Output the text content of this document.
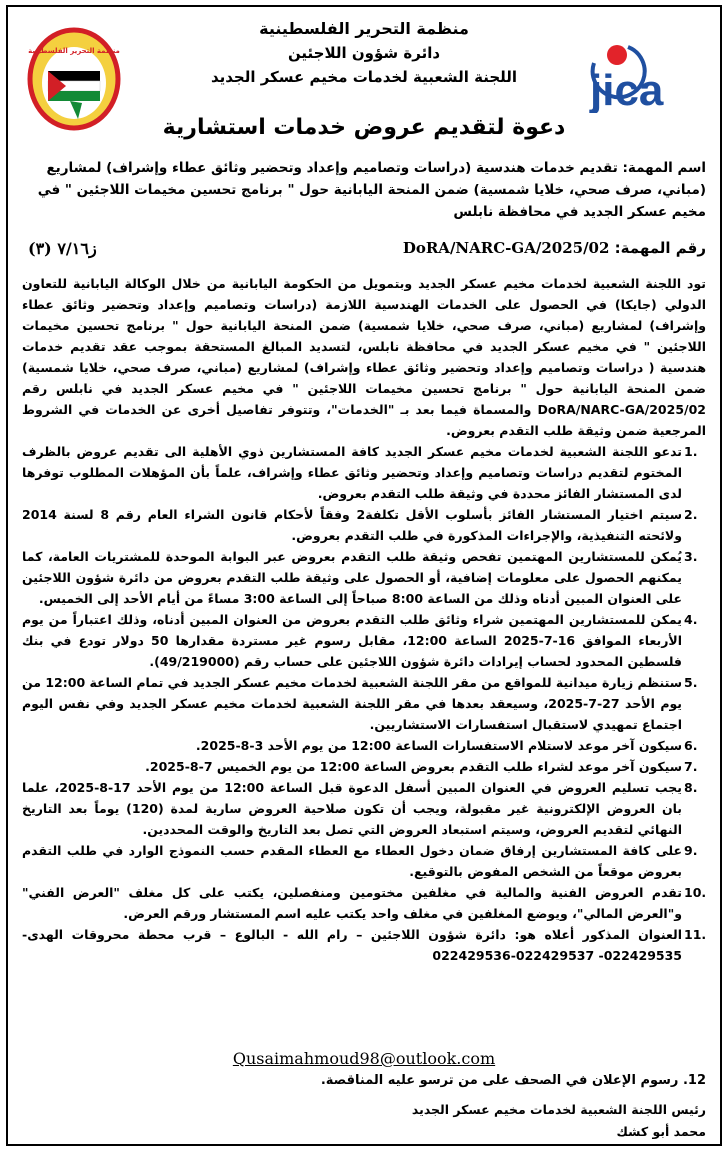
jica
منظمة التحرير الفلسطينية
منظمة التحرير الفلسطينية
دائرة شؤون اللاجئين
اللجنة الشعبية لخدمات مخيم عسكر الجديد
دعوة لتقديم عروض خدمات استشارية
اسم المهمة: تقديم خدمات هندسية (دراسات وتصاميم وإعداد وتحضير وثائق عطاء وإشراف) لمشاريع (مباني، صرف صحي، خلايا شمسية) ضمن المنحة اليابانية حول " برنامج تحسين مخيمات اللاجئين " في مخيم عسكر الجديد في محافظة نابلس
ز٧/١٦ (٣)	رقم المهمة: DoRA/NARC-GA/2025/02

تود اللجنة الشعبية لخدمات مخيم عسكر الجديد وبتمويل من الحكومة اليابانية من خلال الوكالة اليابانية للتعاون الدولي (جايكا) في الحصول على الخدمات الهندسية اللازمة (دراسات وتصاميم وإعداد وتحضير وثائق عطاء وإشراف) لمشاريع (مباني، صرف صحي، خلايا شمسية) ضمن المنحة اليابانية حول " برنامج تحسين مخيمات اللاجئين " في مخيم عسكر الجديد في محافظة نابلس، لتسديد المبالغ المستحقة بموجب عقد تقديم خدمات هندسية ( دراسات وتصاميم وإعداد وتحضير وثائق عطاء وإشراف) لمشاريع (مباني، صرف صحي، خلايا شمسية) ضمن المنحة اليابانية حول " برنامج تحسين مخيمات اللاجئين " في مخيم عسكر الجديد في نابلس رقم DoRA/NARC-GA/2025/02 والمسماة فيما بعد بـ "الخدمات"، وتتوفر تفاصيل أخرى عن الخدمات في الشروط المرجعية ضمن وثيقة طلب التقدم بعروض.

1.
تدعو اللجنة الشعبية لخدمات مخيم عسكر الجديد كافة المستشارين ذوي الأهلية الى تقديم عروض بالظرف المختوم لتقديم دراسات وتصاميم وإعداد وتحضير وثائق عطاء وإشراف، علماً بأن المؤهلات المطلوب توفرها لدى المستشار الفائز محددة في وثيقة طلب التقدم بعروض.
2.
سيتم اختيار المستشار الفائز بأسلوب الأقل تكلفة2 وفقاً لأحكام قانون الشراء العام رقم 8 لسنة 2014 ولائحته التنفيذية، والإجراءات المذكورة في طلب التقدم بعروض.
3.
يُمكن للمستشارين المهتمين تفحص وثيقة طلب التقدم بعروض عبر البوابة الموحدة للمشتريات العامة، كما يمكنهم الحصول على معلومات إضافية، أو الحصول على وثيقة طلب التقدم بعروض من دائرة شؤون اللاجئين على العنوان المبين أدناه وذلك من الساعة 8:00 صباحاً إلى الساعة 3:00 مساءً من أيام الأحد إلى الخميس.
4.
يمكن للمستشارين المهتمين شراء وثائق طلب التقدم بعروض من العنوان المبين أدناه، وذلك اعتباراً من يوم الأربعاء الموافق 16-7-2025 الساعة 12:00، مقابل رسوم غير مستردة مقدارها 50 دولار تودع في بنك فلسطين المحدود لحساب إيرادات دائرة شؤون اللاجئين على حساب رقم (49/219000).
5.
ستنظم زيارة ميدانية للمواقع من مقر اللجنة الشعبية لخدمات مخيم عسكر الجديد في تمام الساعة 12:00 من يوم الأحد 27-7-2025، وسيعقد بعدها في مقر اللجنة الشعبية لخدمات مخيم عسكر الجديد وفي نفس اليوم اجتماع تمهيدي لاستقبال استفسارات الاستشاريين.
6.
سيكون آخر موعد لاستلام الاستفسارات الساعة 12:00 من يوم الأحد 3-8-2025.
7.
سيكون آخر موعد لشراء طلب التقدم بعروض الساعة 12:00 من يوم الخميس 7-8-2025.
8.
يجب تسليم العروض في العنوان المبين أسفل الدعوة قبل الساعة 12:00 من يوم الأحد 17-8-2025، علما بان العروض الإلكترونية غير مقبولة، ويجب أن تكون صلاحية العروض سارية لمدة (120) يوماً بعد التاريخ النهائي لتقديم العروض، وسيتم استبعاد العروض التي تصل بعد التاريخ والوقت المحددين.
9.
على كافة المستشارين إرفاق ضمان دخول العطاء مع العطاء المقدم حسب النموذج الوارد في طلب التقدم بعروض موقعاً من الشخص المفوض بالتوقيع.
10.
تقدم العروض الفنية والمالية في مغلفين مختومين ومنفصلين، يكتب على كل مغلف "العرض الفني" و"العرض المالي"، ويوضع المغلفين في مغلف واحد يكتب عليه اسم المستشار ورقم العرض.
11.
العنوان المذكور أعلاه هو: دائرة شؤون اللاجئين – رام الله - البالوع – قرب محطة محروقات الهدى- 022429535- 022429537-022429536
Qusaimahmoud98@outlook.com
12. رسوم الإعلان في الصحف على من ترسو عليه المناقصة.
رئيس اللجنة الشعبية لخدمات مخيم عسكر الجديد
محمد أبو كشك
